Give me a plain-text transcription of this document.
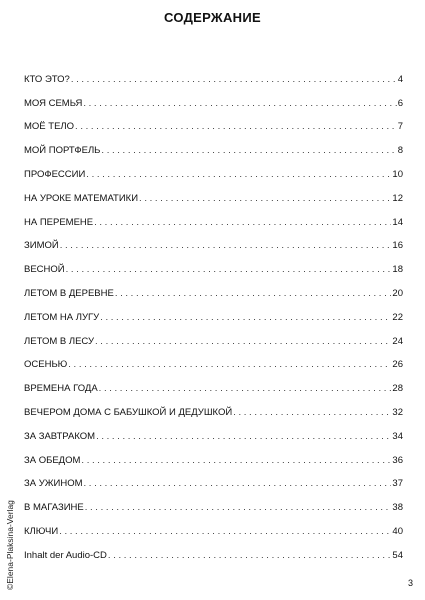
СОДЕРЖАНИЕ
КТО ЭТО? . . .	4
МОЯ СЕМЬЯ . . .	6
МОЁ ТЕЛО . . .	7
МОЙ ПОРТФЕЛЬ . . .	8
ПРОФЕССИИ . . .	10
НА УРОКЕ МАТЕМАТИКИ . . .	12
НА ПЕРЕМЕНЕ . . .	14
ЗИМОЙ . . .	16
ВЕСНОЙ . . .	18
ЛЕТОМ В ДЕРЕВНЕ . . .	20
ЛЕТОМ НА ЛУГУ . . .	22
ЛЕТОМ В ЛЕСУ . . .	24
ОСЕНЬЮ . . .	26
ВРЕМЕНА ГОДА . . .	28
ВЕЧЕРОМ ДОМА С БАБУШКОЙ И ДЕДУШКОЙ . . .	32
ЗА ЗАВТРАКОМ . . .	34
ЗА ОБЕДОМ . . .	36
ЗА УЖИНОМ . . .	37
В МАГАЗИНЕ . . .	38
КЛЮЧИ . . .	40
Inhalt der Audio-CD . . .	54
©Elena-Plaksina-Verlag	3
